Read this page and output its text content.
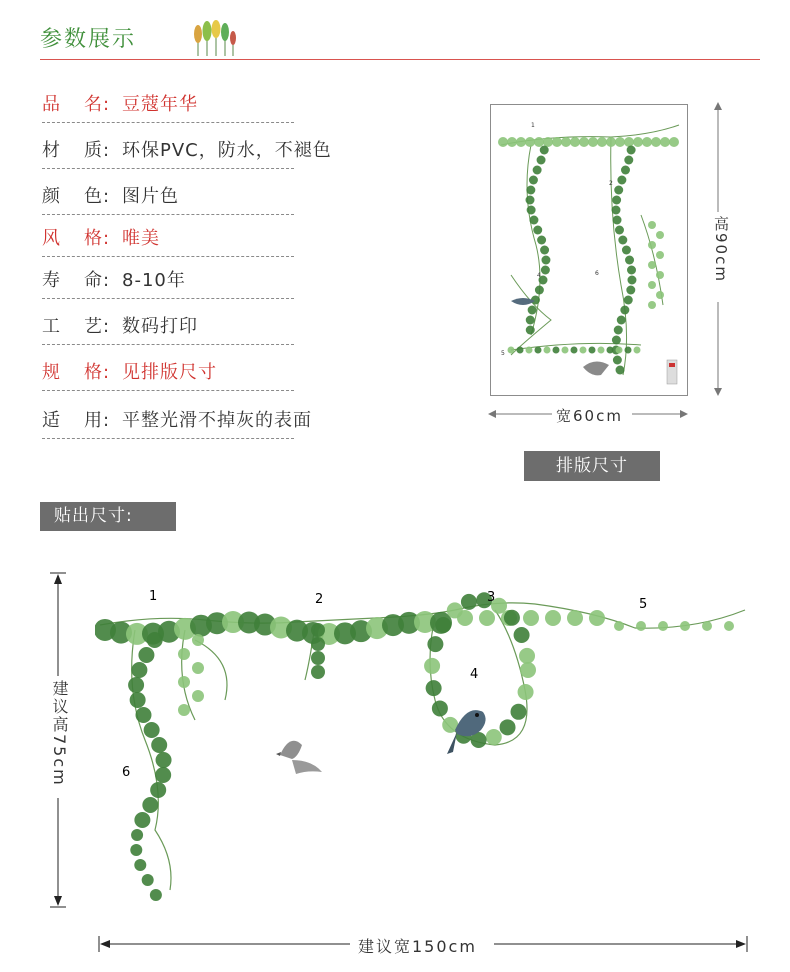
参数展示
品 名: 豆蔻年华
材 质: 环保PVC，防水，不褪色
颜 色: 图片色
风 格: 唯美
寿 命: 8-10年
工 艺: 数码打印
规 格: 见排版尺寸
适 用: 平整光滑不掉灰的表面
1
2
4
5
6	高90cm
宽60cm
排版尺寸
贴出尺寸:
建议高75cm
建议宽150cm
1	2	3
4
5
6
